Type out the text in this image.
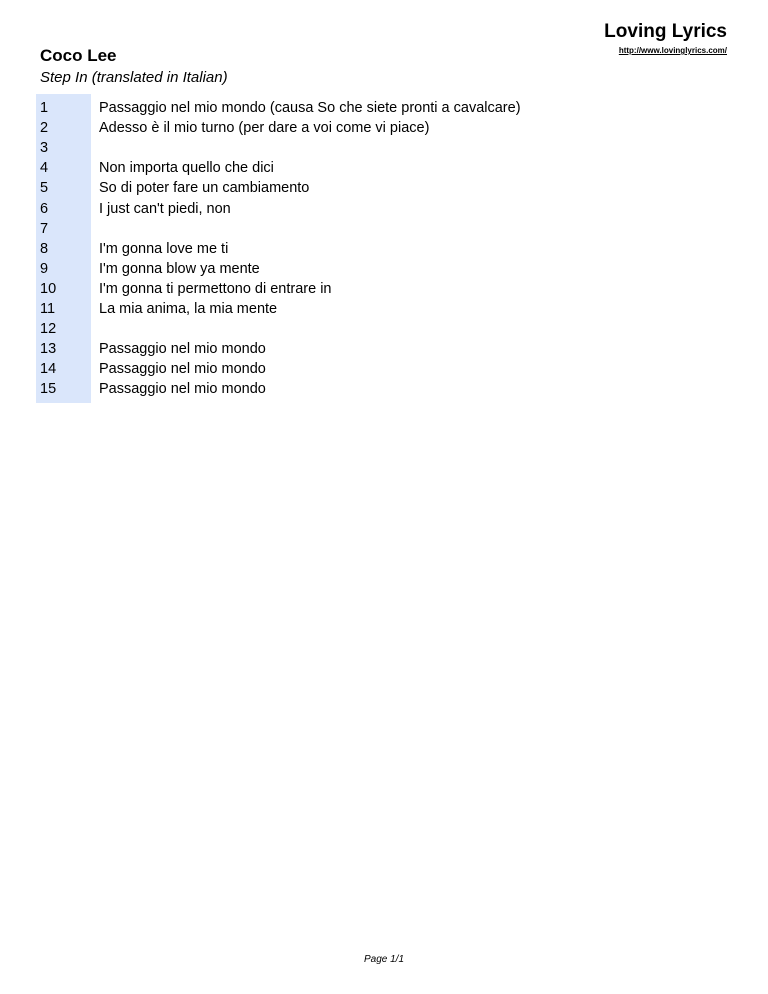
Loving Lyrics
http://www.lovinglyrics.com/
Coco Lee
Step In (translated in Italian)
1	Passaggio nel mio mondo (causa So che siete pronti a cavalcare)
2	Adesso è il mio turno (per dare a voi come vi piace)
3
4	Non importa quello che dici
5	So di poter fare un cambiamento
6	I just can't piedi, non
7
8	I'm gonna love me ti
9	I'm gonna blow ya mente
10	I'm gonna ti permettono di entrare in
11	La mia anima, la mia mente
12
13	Passaggio nel mio mondo
14	Passaggio nel mio mondo
15	Passaggio nel mio mondo
Page 1/1
